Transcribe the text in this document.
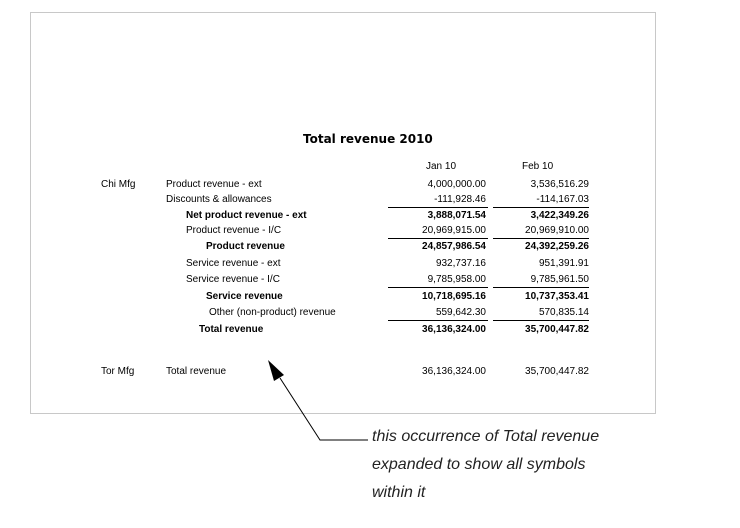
Total revenue 2010
Jan 10	Feb 10
Chi Mfg	Product revenue - ext	4,000,000.00	3,536,516.29
Discounts & allowances	-111,928.46	-114,167.03
Net product revenue - ext	3,888,071.54	3,422,349.26
Product revenue - I/C	20,969,915.00	20,969,910.00
Product revenue	24,857,986.54	24,392,259.26
Service revenue - ext	932,737.16	951,391.91
Service revenue - I/C	9,785,958.00	9,785,961.50
Service revenue	10,718,695.16	10,737,353.41
Other (non-product) revenue	559,642.30	570,835.14
Total revenue	36,136,324.00	35,700,447.82
Tor Mfg	Total revenue	36,136,324.00	35,700,447.82
this occurrence of Total revenue
expanded to show all symbols
within it
